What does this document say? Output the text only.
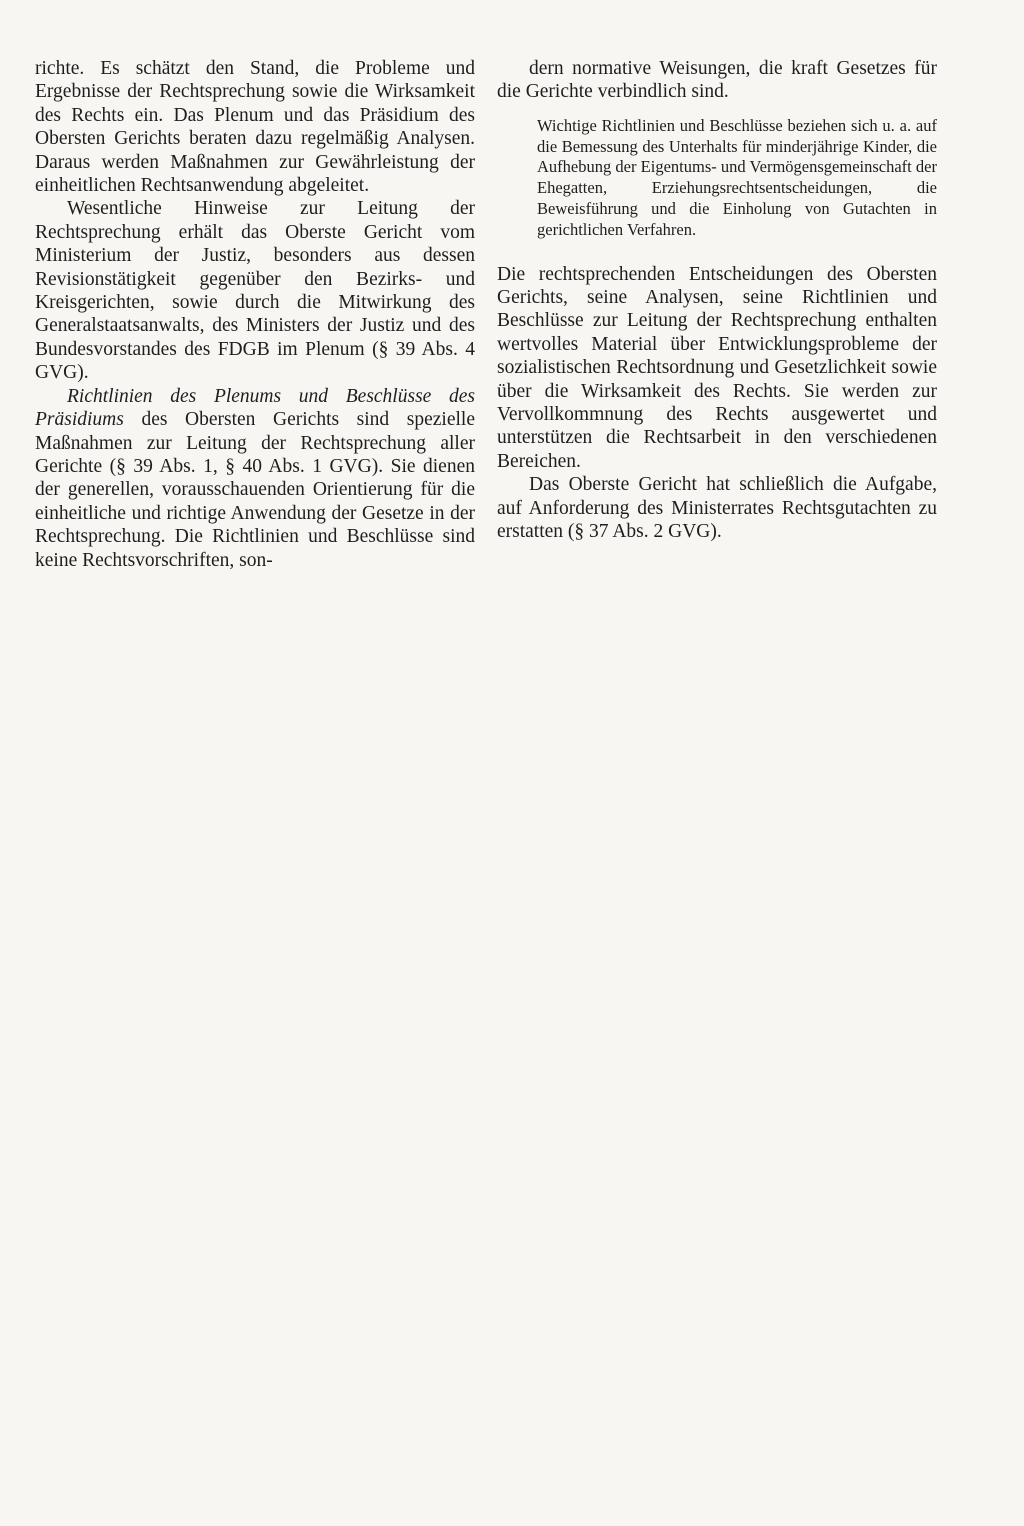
richte. Es schätzt den Stand, die Probleme und Ergebnisse der Rechtsprechung sowie die Wirksamkeit des Rechts ein. Das Plenum und das Präsidium des Obersten Gerichts beraten dazu regelmäßig Analysen. Daraus werden Maßnahmen zur Gewährleistung der einheitlichen Rechtsanwendung abgeleitet.

Wesentliche Hinweise zur Leitung der Rechtsprechung erhält das Oberste Gericht vom Ministerium der Justiz, besonders aus dessen Revisionstätigkeit gegenüber den Bezirks- und Kreisgerichten, sowie durch die Mitwirkung des Generalstaatsanwalts, des Ministers der Justiz und des Bundesvorstandes des FDGB im Plenum (§ 39 Abs. 4 GVG).

Richtlinien des Plenums und Beschlüsse des Präsidiums des Obersten Gerichts sind spezielle Maßnahmen zur Leitung der Rechtsprechung aller Gerichte (§ 39 Abs. 1, § 40 Abs. 1 GVG). Sie dienen der generellen, vorausschauenden Orientierung für die einheitliche und richtige Anwendung der Gesetze in der Rechtsprechung. Die Richtlinien und Beschlüsse sind keine Rechtsvorschriften, son-

dern normative Weisungen, die kraft Gesetzes für die Gerichte verbindlich sind.

Wichtige Richtlinien und Beschlüsse beziehen sich u. a. auf die Bemessung des Unterhalts für minderjährige Kinder, die Aufhebung der Eigentums- und Vermögensgemeinschaft der Ehegatten, Erziehungsrechtsentscheidungen, die Beweisführung und die Einholung von Gutachten in gerichtlichen Verfahren.

Die rechtsprechenden Entscheidungen des Obersten Gerichts, seine Analysen, seine Richtlinien und Beschlüsse zur Leitung der Rechtsprechung enthalten wertvolles Material über Entwicklungsprobleme der sozialistischen Rechtsordnung und Gesetzlichkeit sowie über die Wirksamkeit des Rechts. Sie werden zur Vervollkommnung des Rechts ausgewertet und unterstützen die Rechtsarbeit in den verschiedenen Bereichen.

Das Oberste Gericht hat schließlich die Aufgabe, auf Anforderung des Ministerrates Rechtsgutachten zu erstatten (§ 37 Abs. 2 GVG).
